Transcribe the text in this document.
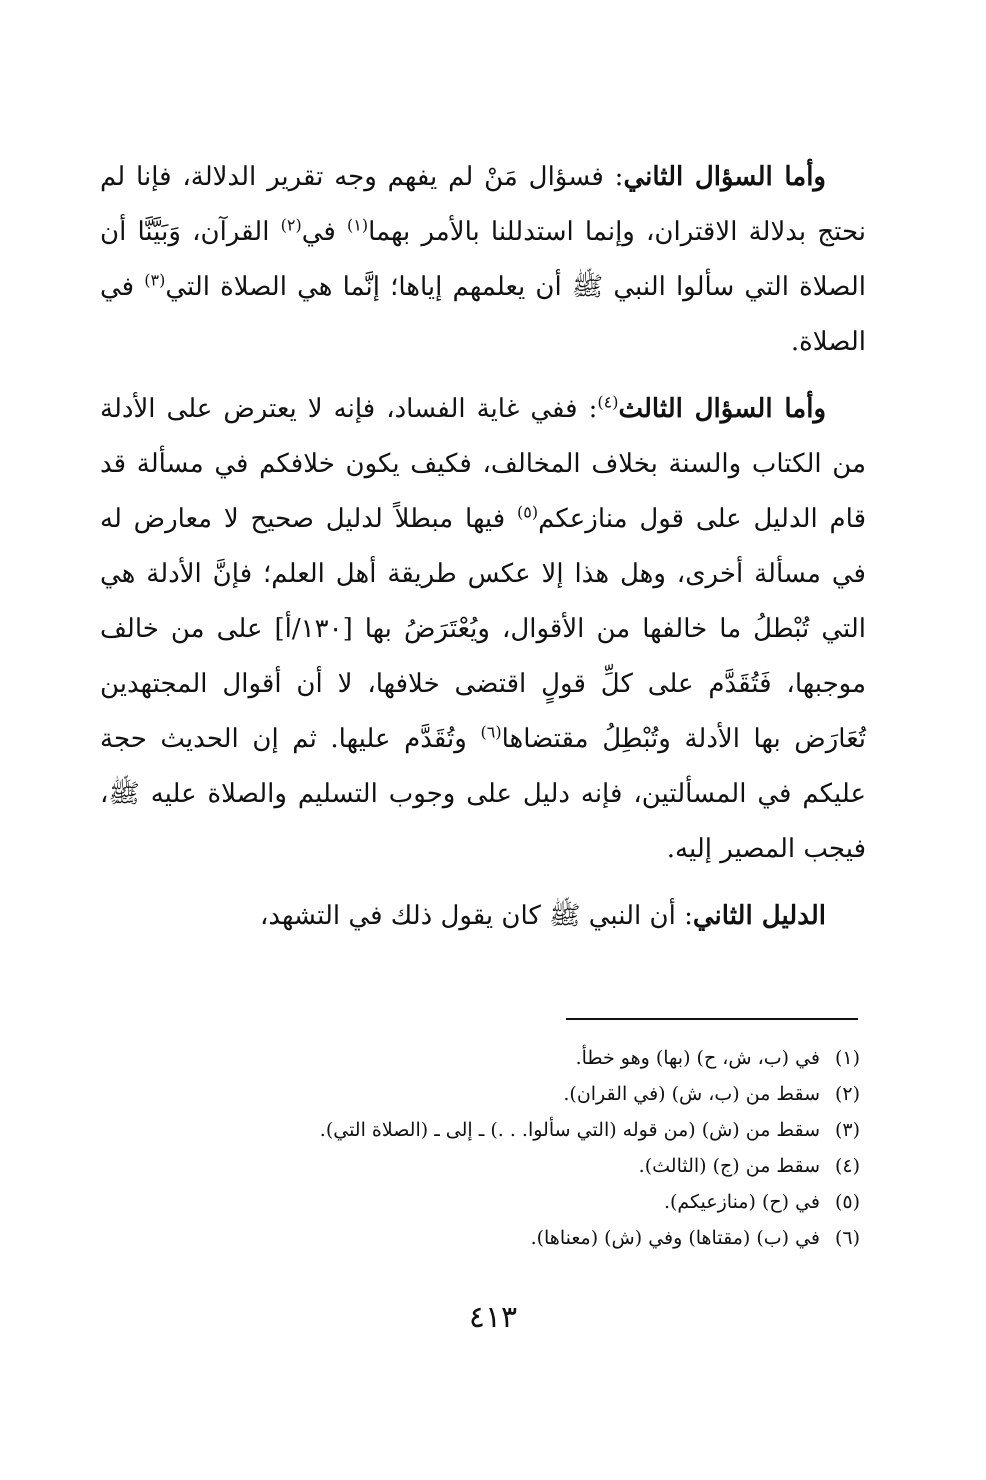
وأما السؤال الثاني: فسؤال مَنْ لم يفهم وجه تقرير الدلالة، فإنا لم نحتج بدلالة الاقتران، وإنما استدللنا بالأمر بهما$^{(١)}$ في$^{(٢)}$ القرآن، وَبَيَّنَّا أن الصلاة التي سألوا النبي ﷺ أن يعلمهم إياها؛ إنَّما هي الصلاة التي$^{(٣)}$ في الصلاة.

وأما السؤال الثالث$^{(٤)}$: ففي غاية الفساد، فإنه لا يعترض على الأدلة من الكتاب والسنة بخلاف المخالف، فكيف يكون خلافكم في مسألة قد قام الدليل على قول منازعكم$^{(٥)}$ فيها مبطلاً لدليل صحيح لا معارض له في مسألة أخرى، وهل هذا إلا عكس طريقة أهل العلم؛ فإنَّ الأدلة هي التي تُبْطلُ ما خالفها من الأقوال، ويُعْتَرَضُ بها [١٣٠/أ] على من خالف موجبها، فَتُقَدَّم على كلِّ قولٍ اقتضى خلافها، لا أن أقوال المجتهدين تُعَارَض بها الأدلة وتُبْطِلُ مقتضاها$^{(٦)}$ وتُقَدَّم عليها. ثم إن الحديث حجة عليكم في المسألتين، فإنه دليل على وجوب التسليم والصلاة عليه ﷺ، فيجب المصير إليه.

الدليل الثاني: أن النبي ﷺ كان يقول ذلك في التشهد،

(١)في (ب، ش، ح) (بها) وهو خطأ.
(٢)سقط من (ب، ش) (في القران).
(٣)سقط من (ش) (من قوله (التي سألوا. . .) ـ إلى ـ (الصلاة التي).
(٤)سقط من (ج) (الثالث).
(٥)في (ح) (منازعيكم).
(٦)في (ب) (مقتاها) وفي (ش) (معناها).
٤١٣
